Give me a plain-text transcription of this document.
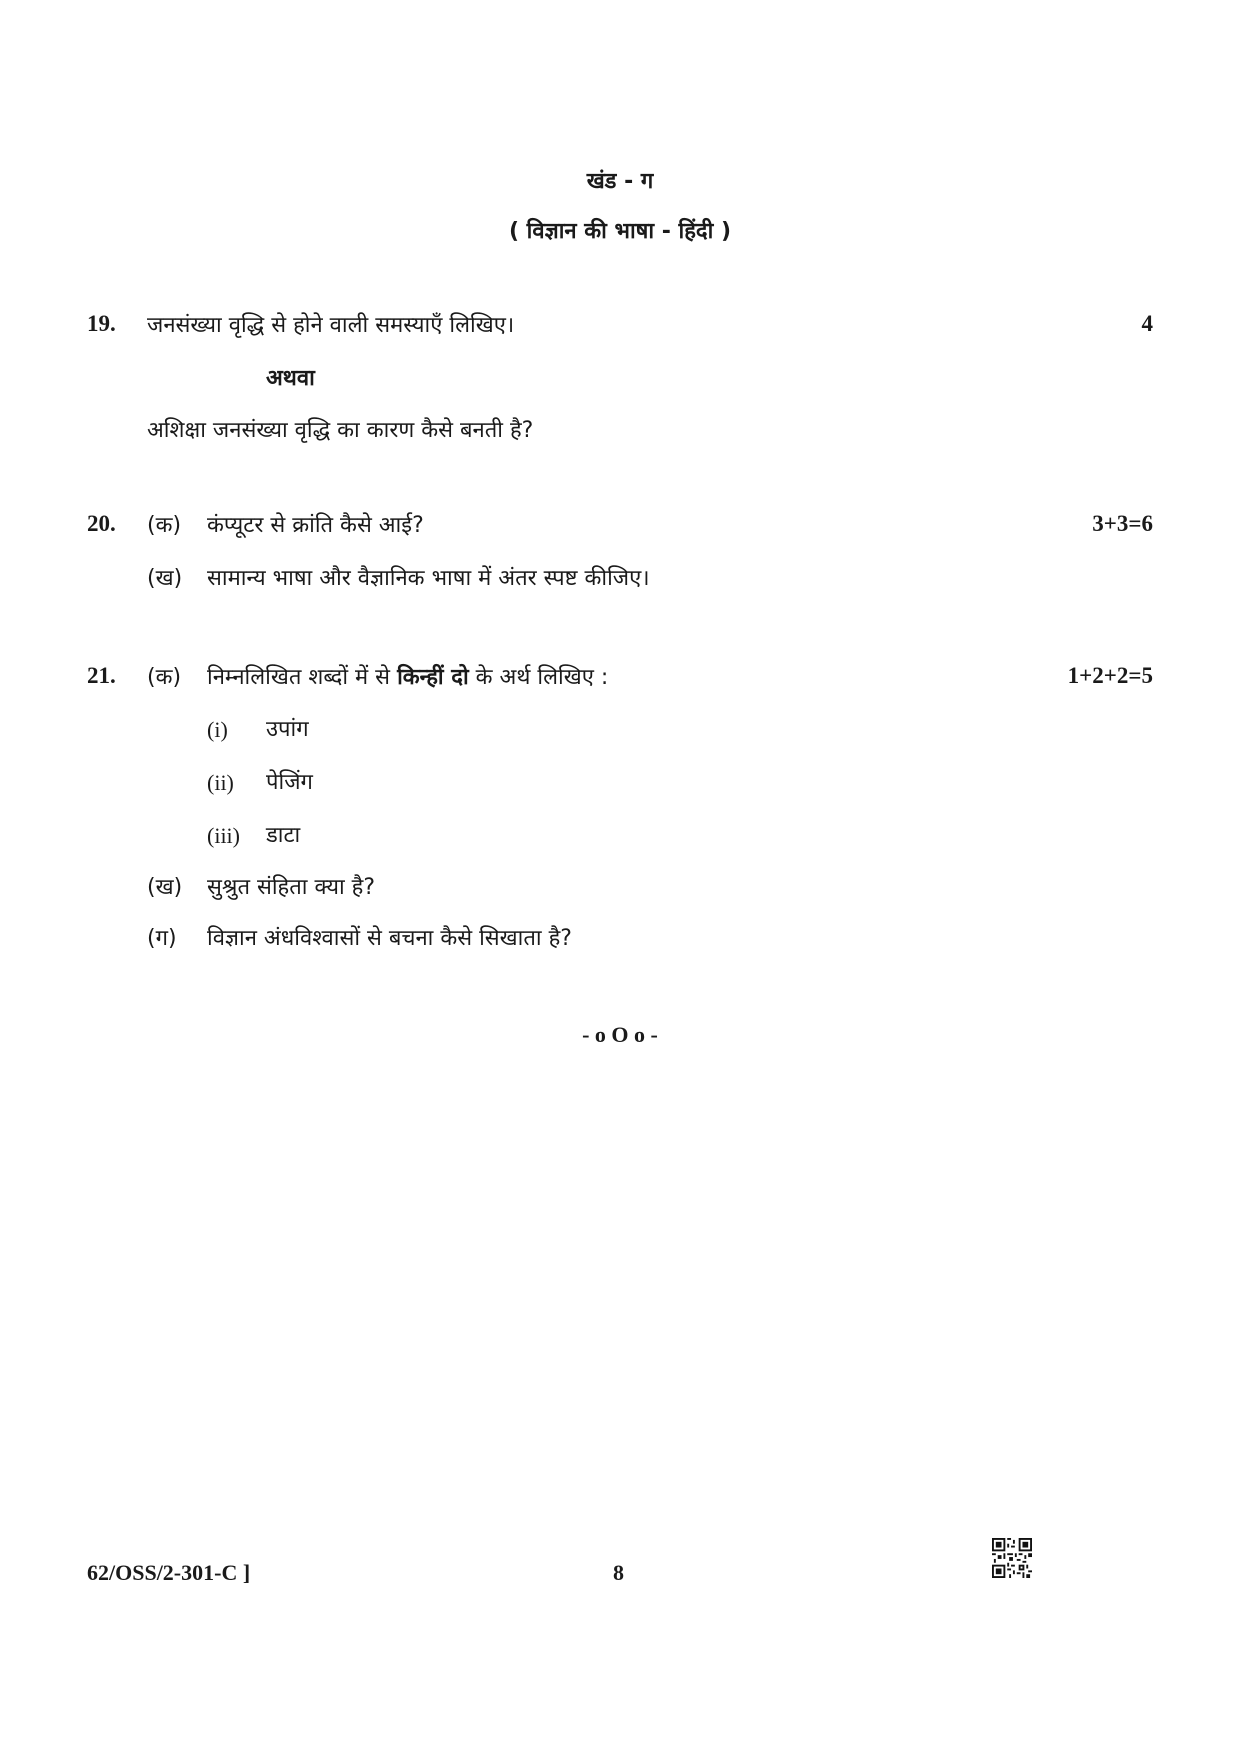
खंड - ग
( विज्ञान की भाषा - हिंदी )
19. जनसंख्या वृद्धि से होने वाली समस्याएँ लिखिए।	4
अथवा
अशिक्षा जनसंख्या वृद्धि का कारण कैसे बनती है?
20. (क) कंप्यूटर से क्रांति कैसे आई?	3+3=6
(ख) सामान्य भाषा और वैज्ञानिक भाषा में अंतर स्पष्ट कीजिए।
21. (क) निम्नलिखित शब्दों में से किन्हीं दो के अर्थ लिखिए :	1+2+2=5
(i) उपांग
(ii) पेजिंग
(iii) डाटा
(ख) सुश्रुत संहिता क्या है?
(ग) विज्ञान अंधविश्वासों से बचना कैसे सिखाता है?
- o O o -
62/OSS/2-301-C ]	8
